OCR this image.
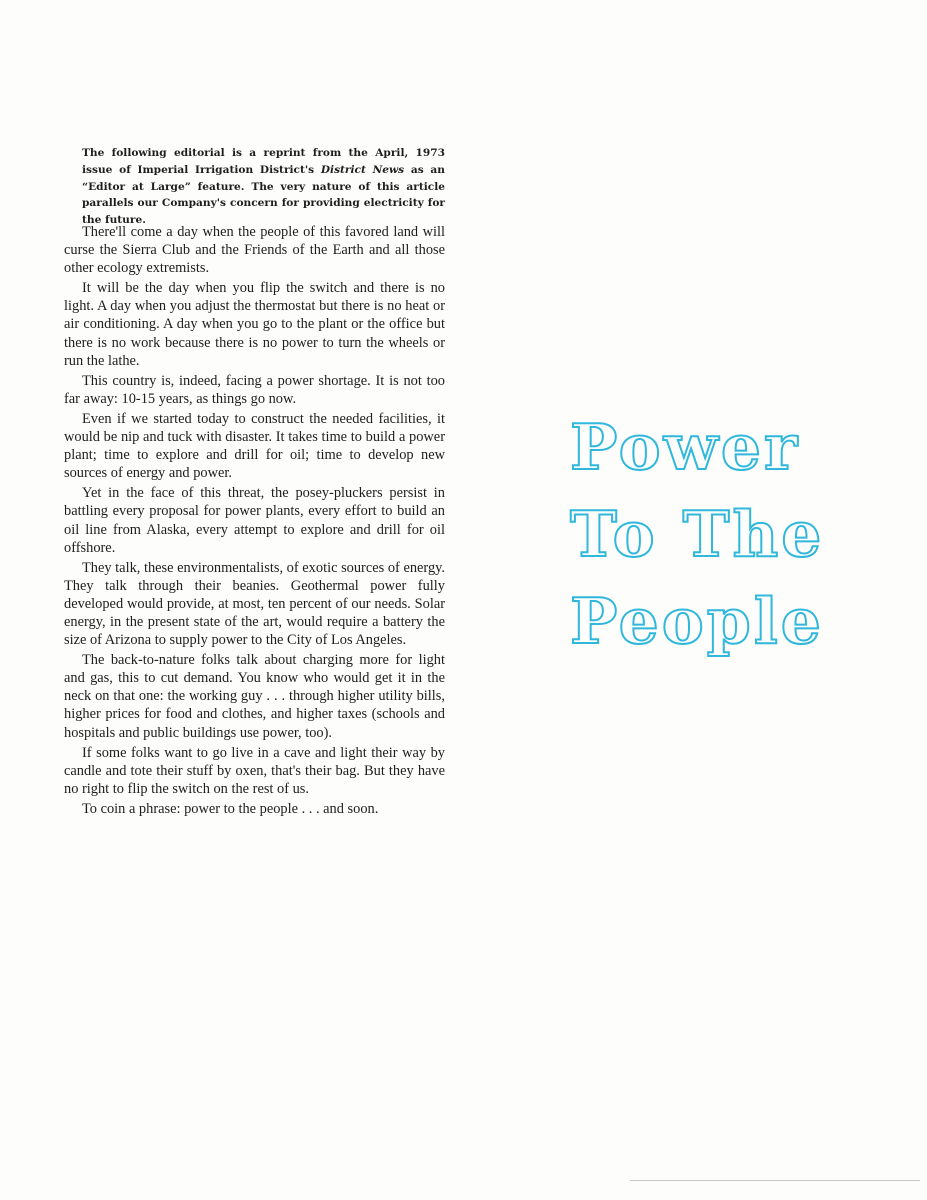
The following editorial is a reprint from the April, 1973 issue of Imperial Irrigation District's District News as an “Editor at Large” feature. The very nature of this article parallels our Company's concern for providing electricity for the future.

There'll come a day when the people of this favored land will curse the Sierra Club and the Friends of the Earth and all those other ecology extremists.

It will be the day when you flip the switch and there is no light. A day when you adjust the thermostat but there is no heat or air conditioning. A day when you go to the plant or the office but there is no work because there is no power to turn the wheels or run the lathe.

This country is, indeed, facing a power shortage. It is not too far away: 10-15 years, as things go now.

Even if we started today to construct the needed facilities, it would be nip and tuck with disaster. It takes time to build a power plant; time to explore and drill for oil; time to develop new sources of energy and power.

Yet in the face of this threat, the posey-pluckers persist in battling every proposal for power plants, every effort to build an oil line from Alaska, every attempt to explore and drill for oil offshore.

They talk, these environmentalists, of exotic sources of energy. They talk through their beanies. Geothermal power fully developed would provide, at most, ten percent of our needs. Solar energy, in the present state of the art, would require a battery the size of Arizona to supply power to the City of Los Angeles.

The back-to-nature folks talk about charging more for light and gas, this to cut demand. You know who would get it in the neck on that one: the working guy . . . through higher utility bills, higher prices for food and clothes, and higher taxes (schools and hospitals and public buildings use power, too).

If some folks want to go live in a cave and light their way by candle and tote their stuff by oxen, that's their bag. But they have no right to flip the switch on the rest of us.

To coin a phrase: power to the people . . . and soon.

Power
To The
People
